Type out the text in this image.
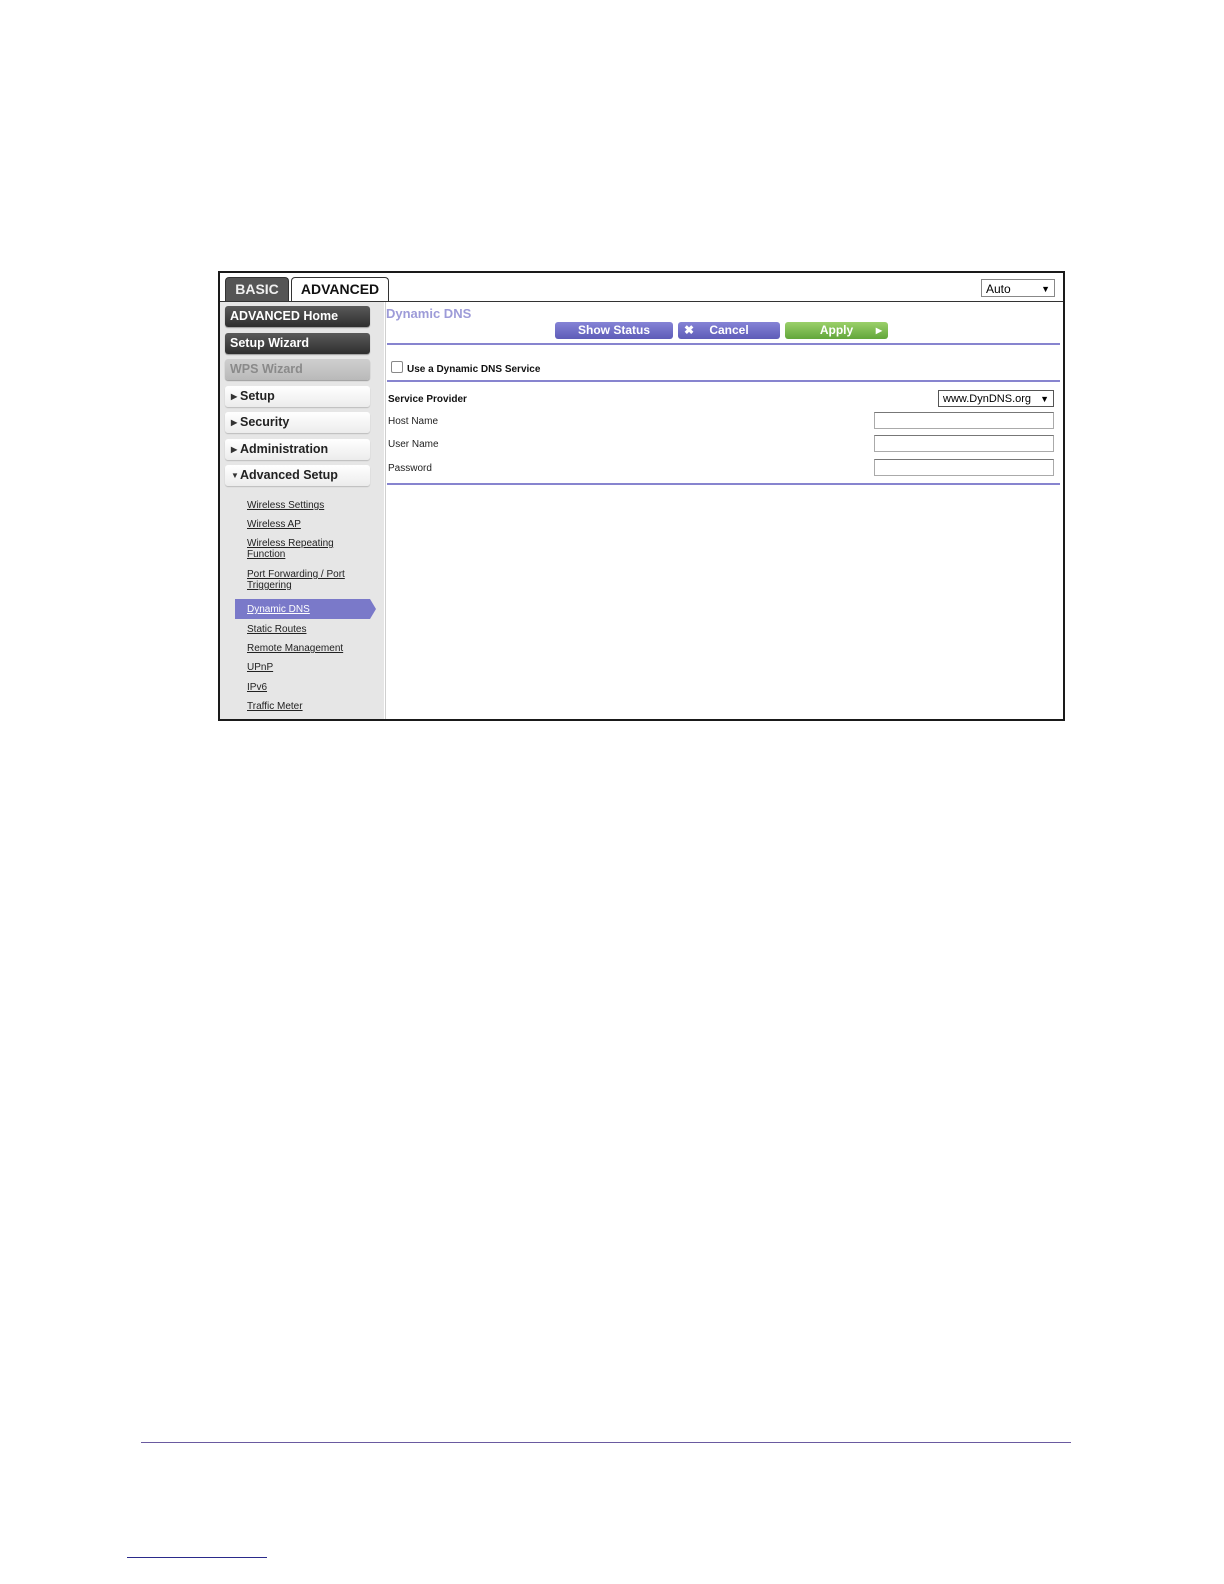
BASIC	ADVANCED	Auto	▼
ADVANCED Home
Setup Wizard
WPS Wizard
▶ Setup
▶ Security
▶ Administration
▼ Advanced Setup
Wireless Settings
Wireless AP
Wireless Repeating
Function
Port Forwarding / Port
Triggering
Dynamic DNS
Static Routes
Remote Management
UPnP
IPv6
Traffic Meter
Dynamic DNS
Show Status	✖ Cancel	Apply	▶
Use a Dynamic DNS Service
Service Provider	www.DynDNS.org ▼
Host Name
User Name
Password
